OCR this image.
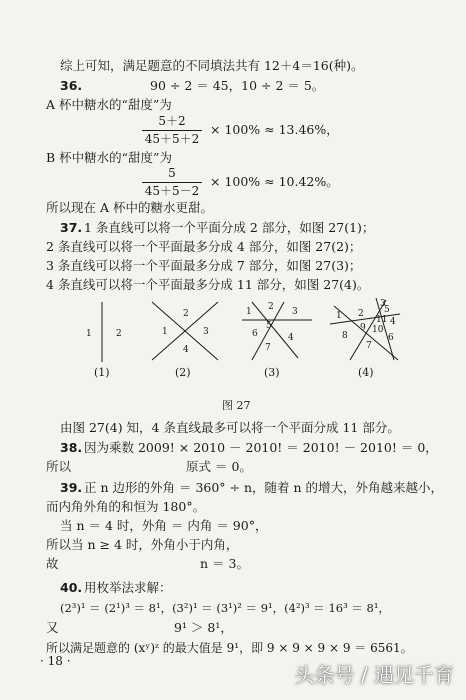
综上可知，满足题意的不同填法共有 12＋4＝16(种)。
36.	90 ÷ 2 ＝ 45，10 ÷ 2 ＝ 5。
A 杯中糖水的“甜度”为
5＋2
45＋5＋2
× 100% ≈ 13.46%，
B 杯中糖水的“甜度”为
5
45＋5－2
× 100% ≈ 10.42%。
所以现在 A 杯中的糖水更甜。
37. 1 条直线可以将一个平面分成 2 部分，如图 27(1)；
2 条直线可以将一个平面最多分成 4 部分，如图 27(2)；
3 条直线可以将一个平面最多分成 7 部分，如图 27(3)；
4 条直线可以将一个平面最多分成 11 部分，如图 27(4)。
1	2	1
2
3
4
1 2 3
4
5
6
7
1 2
3
4
5
6
7
8
9 10
11
(1)	(2)	(3)	(4)
图 27
由图 27(4) 知，4 条直线最多可以将一个平面分成 11 部分。
38. 因为乘数 2009! × 2010 － 2010! ＝ 2010! － 2010! ＝ 0，
所以	原式 ＝ 0。
39. 正 n 边形的外角 ＝ 360° ÷ n，随着 n 的增大，外角越来越小，
而内角外角的和恒为 180°。
当 n ＝ 4 时，外角 ＝ 内角 ＝ 90°，
所以当 n ≥ 4 时，外角小于内角，
故	n ＝ 3。
40. 用枚举法求解：
(2³)¹ ＝ (2¹)³ ＝ 8¹，(3²)¹ ＝ (3¹)² ＝ 9¹，(4²)³ ＝ 16³ ＝ 8¹，
又	9¹ ＞ 8¹，
所以满足题意的 (xʸ)ᶻ 的最大值是 9¹，即 9 × 9 × 9 × 9 ＝ 6561。
· 18 ·
头条号 / 遇见千育
